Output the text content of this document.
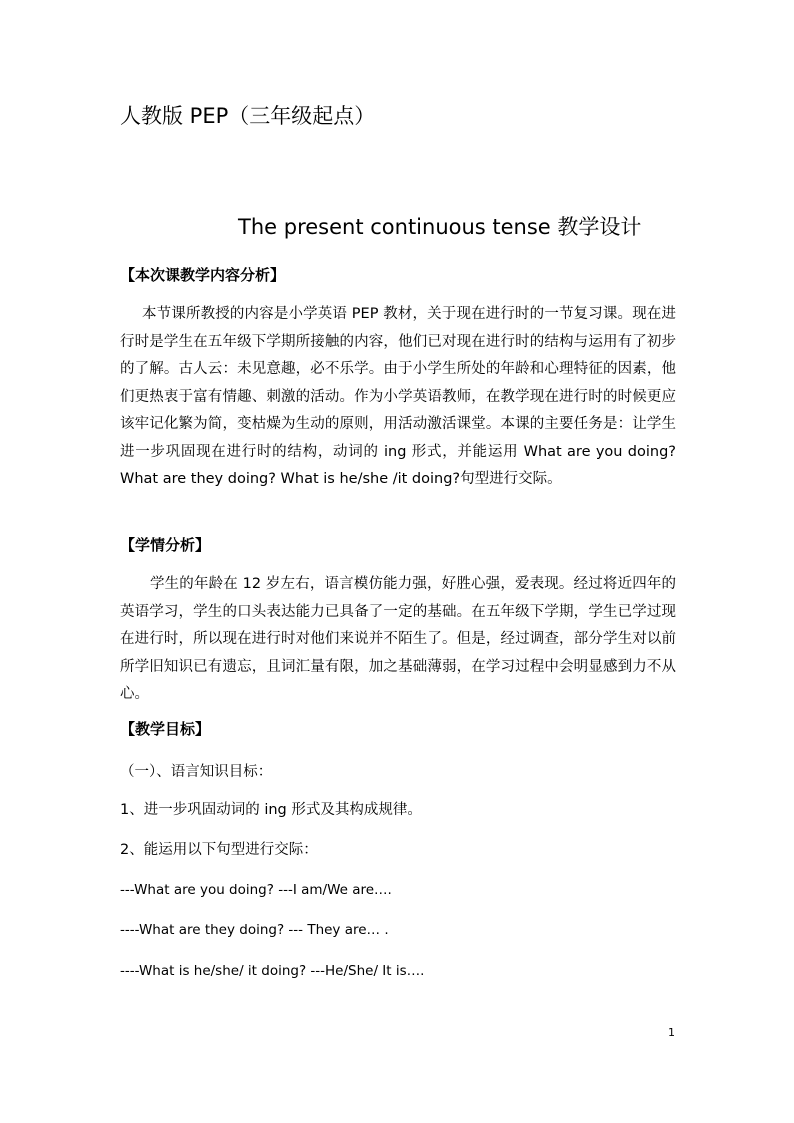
人教版 PEP（三年级起点）
The present continuous tense 教学设计
【本次课教学内容分析】
本节课所教授的内容是小学英语 PEP 教材，关于现在进行时的一节复习课。现在进行时是学生在五年级下学期所接触的内容，他们已对现在进行时的结构与运用有了初步的了解。古人云：未见意趣，必不乐学。由于小学生所处的年龄和心理特征的因素，他们更热衷于富有情趣、刺激的活动。作为小学英语教师，在教学现在进行时的时候更应该牢记化繁为简，变枯燥为生动的原则，用活动激活课堂。本课的主要任务是：让学生进一步巩固现在进行时的结构，动词的 ing 形式，并能运用 What are you doing? What are they doing? What is he/she /it doing?句型进行交际。
【学情分析】
学生的年龄在 12 岁左右，语言模仿能力强，好胜心强，爱表现。经过将近四年的英语学习，学生的口头表达能力已具备了一定的基础。在五年级下学期，学生已学过现在进行时，所以现在进行时对他们来说并不陌生了。但是，经过调查，部分学生对以前所学旧知识已有遗忘，且词汇量有限，加之基础薄弱，在学习过程中会明显感到力不从心。
【教学目标】
（一）、语言知识目标：
1、进一步巩固动词的 ing 形式及其构成规律。
2、能运用以下句型进行交际：
---What are you doing? ---I am/We are….
----What are they doing? --- They are… .
----What is he/she/ it doing? ---He/She/ It is….
1
